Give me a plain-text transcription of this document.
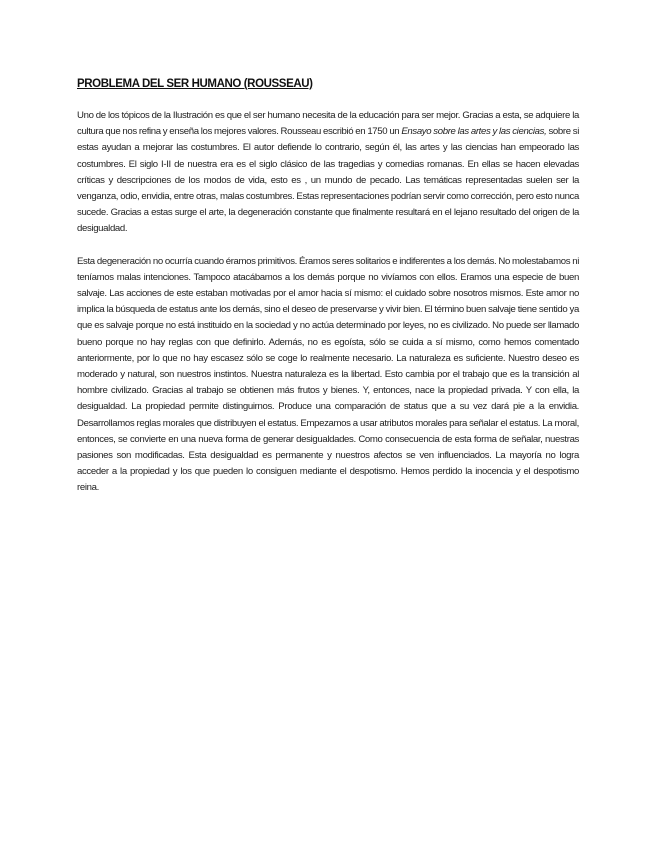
PROBLEMA DEL SER HUMANO (ROUSSEAU)

Uno de los tópicos de la Ilustración es que el ser humano necesita de la educación para ser mejor. Gracias a esta, se adquiere la cultura que nos refina y enseña los mejores valores. Rousseau escribió en 1750 un Ensayo sobre las artes y las ciencias, sobre si estas ayudan a mejorar las costumbres. El autor defiende lo contrario, según él, las artes y las ciencias han empeorado las costumbres. El siglo I-II de nuestra era es el siglo clásico de las tragedias y comedias romanas. En ellas se hacen elevadas críticas y descripciones de los modos de vida, esto es , un mundo de pecado. Las temáticas representadas suelen ser la venganza, odio, envidia, entre otras, malas costumbres. Estas representaciones podrían servir como corrección, pero esto nunca sucede. Gracias a estas surge el arte, la degeneración constante que finalmente resultará en el lejano resultado del origen de la desigualdad.

Esta degeneración no ocurría cuando éramos primitivos. Éramos seres solitarios e indiferentes a los demás. No molestabamos ni teníamos malas intenciones. Tampoco atacábamos a los demás porque no vivíamos con ellos. Eramos una especie de buen salvaje. Las acciones de este estaban motivadas por el amor hacia sí mismo: el cuidado sobre nosotros mismos. Este amor no implica la búsqueda de estatus ante los demás, sino el deseo de preservarse y vivir bien. El término buen salvaje tiene sentido ya que es salvaje porque no está instituido en la sociedad y no actúa determinado por leyes, no es civilizado. No puede ser llamado bueno porque no hay reglas con que definirlo. Además, no es egoísta, sólo se cuida a sí mismo, como hemos comentado anteriormente, por lo que no hay escasez sólo se coge lo realmente necesario. La naturaleza es suficiente. Nuestro deseo es moderado y natural, son nuestros instintos. Nuestra naturaleza es la libertad. Esto cambia por el trabajo que es la transición al hombre civilizado. Gracias al trabajo se obtienen más frutos y bienes. Y, entonces, nace la propiedad privada. Y con ella, la desigualdad. La propiedad permite distinguirnos. Produce una comparación de status que a su vez dará pie a la envidia. Desarrollamos reglas morales que distribuyen el estatus. Empezamos a usar atributos morales para señalar el estatus. La moral, entonces, se convierte en una nueva forma de generar desigualdades. Como consecuencia de esta forma de señalar, nuestras pasiones son modificadas. Esta desigualdad es permanente y nuestros afectos se ven influenciados. La mayoría no logra acceder a la propiedad y los que pueden lo consiguen mediante el despotismo. Hemos perdido la inocencia y el despotismo reina.
